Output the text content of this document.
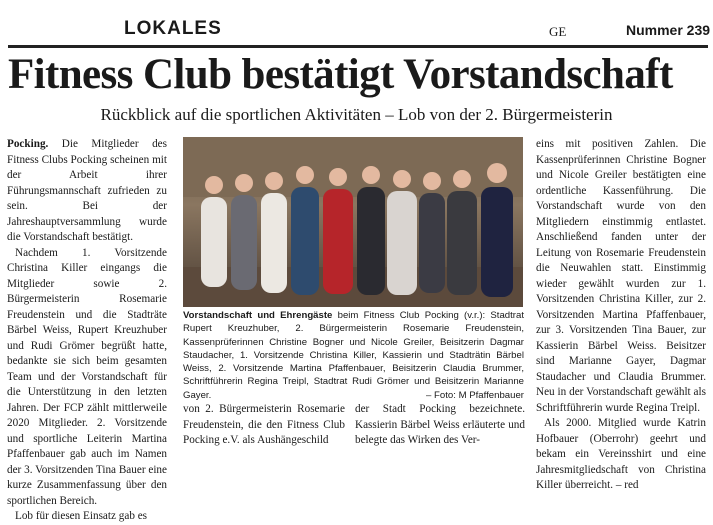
LOKALES	GE	Nummer 239
Fitness Club bestätigt Vorstandschaft
Rückblick auf die sportlichen Aktivitäten – Lob von der 2. Bürgermeisterin

Pocking. Die Mitglieder des Fitness Clubs Pocking scheinen mit der Arbeit ihrer Führungsmannschaft zufrieden zu sein. Bei der Jahreshauptversammlung wurde die Vorstandschaft bestätigt.

Nachdem 1. Vorsitzende Christina Killer eingangs die Mitglieder sowie 2. Bürgermeisterin Rosemarie Freudenstein und die Stadträte Bärbel Weiss, Rupert Kreuzhuber und Rudi Grömer begrüßt hatte, bedankte sie sich beim gesamten Team und der Vorstandschaft für die Unterstützung in den letzten Jahren. Der FCP zählt mittlerweile 2020 Mitglieder. 2. Vorsitzende und sportliche Leiterin Martina Pfaffenbauer gab auch im Namen der 3. Vorsitzenden Tina Bauer eine kurze Zusammenfassung über den sportlichen Bereich.

Lob für diesen Einsatz gab es

Vorstandschaft und Ehrengäste beim Fitness Club Pocking (v.r.): Stadtrat Rupert Kreuzhuber, 2. Bürgermeisterin Rosemarie Freudenstein, Kassenprüferinnen Christine Bogner und Nicole Greiler, Beisitzerin Dagmar Staudacher, 1. Vorsitzende Christina Killer, Kassierin und Stadträtin Bärbel Weiss, 2. Vorsitzende Martina Pfaffenbauer, Beisitzerin Claudia Brummer, Schriftführerin Regina Treipl, Stadtrat Rudi Grömer und Beisitzerin Marianne Gayer.	– Foto: M Pfaffenbauer

von 2. Bürgermeisterin Rosemarie Freudenstein, die den Fitness Club Pocking e.V. als Aushängeschild

der Stadt Pocking bezeichnete. Kassierin Bärbel Weiss erläuterte und belegte das Wirken des Ver-

eins mit positiven Zahlen. Die Kassenprüferinnen Christine Bogner und Nicole Greiler bestätigten eine ordentliche Kassenführung. Die Vorstandschaft wurde von den Mitgliedern einstimmig entlastet. Anschließend fanden unter der Leitung von Rosemarie Freudenstein die Neuwahlen statt. Einstimmig wieder gewählt wurden zur 1. Vorsitzenden Christina Killer, zur 2. Vorsitzenden Martina Pfaffenbauer, zur 3. Vorsitzenden Tina Bauer, zur Kassierin Bärbel Weiss. Beisitzer sind Marianne Gayer, Dagmar Staudacher und Claudia Brummer. Neu in der Vorstandschaft gewählt als Schriftführerin wurde Regina Treipl.

Als 2000. Mitglied wurde Katrin Hofbauer (Oberrohr) geehrt und bekam ein Vereinsshirt und eine Jahresmitgliedschaft von Christina Killer überreicht. – red
